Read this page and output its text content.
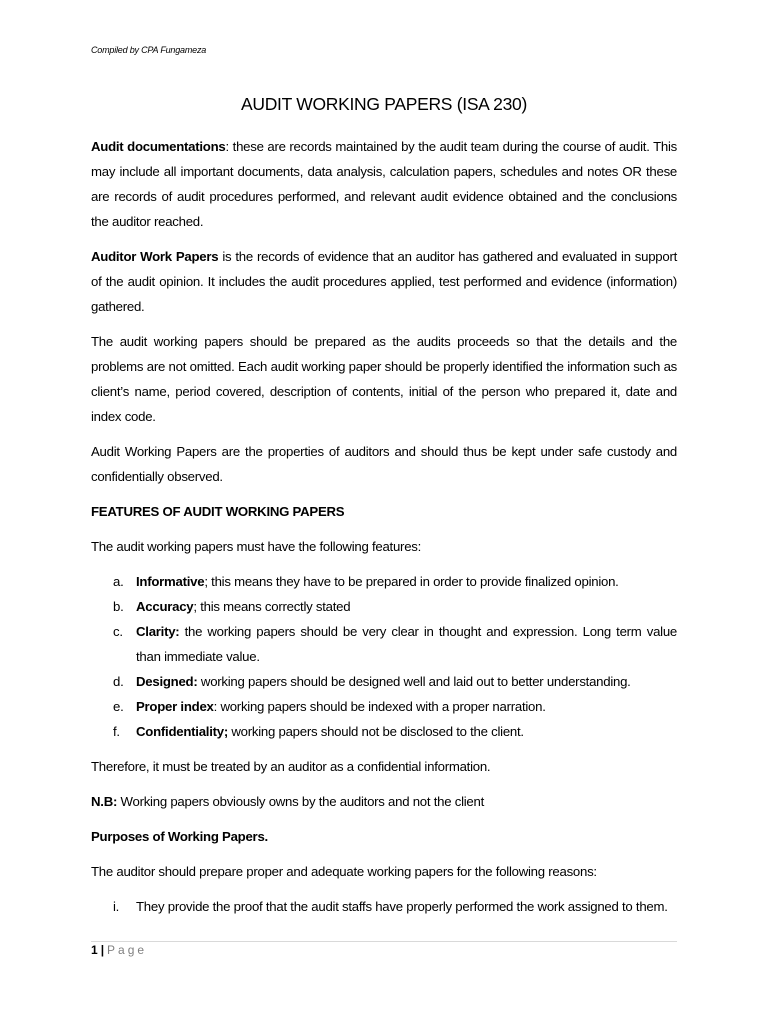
Compiled by CPA Fungameza
AUDIT WORKING PAPERS (ISA 230)

Audit documentations: these are records maintained by the audit team during the course of audit. This may include all important documents, data analysis, calculation papers, schedules and notes OR these are records of audit procedures performed, and relevant audit evidence obtained and the conclusions the auditor reached.

Auditor Work Papers is the records of evidence that an auditor has gathered and evaluated in support of the audit opinion. It includes the audit procedures applied, test performed and evidence (information) gathered.

The audit working papers should be prepared as the audits proceeds so that the details and the problems are not omitted. Each audit working paper should be properly identified the information such as client’s name, period covered, description of contents, initial of the person who prepared it, date and index code.

Audit Working Papers are the properties of auditors and should thus be kept under safe custody and confidentially observed.

FEATURES OF AUDIT WORKING PAPERS

The audit working papers must have the following features:

a. Informative; this means they have to be prepared in order to provide finalized opinion.
b. Accuracy; this means correctly stated
c. Clarity: the working papers should be very clear in thought and expression. Long term value than immediate value.
d. Designed: working papers should be designed well and laid out to better understanding.
e. Proper index: working papers should be indexed with a proper narration.
f. Confidentiality; working papers should not be disclosed to the client.

Therefore, it must be treated by an auditor as a confidential information.

N.B: Working papers obviously owns by the auditors and not the client

Purposes of Working Papers.

The auditor should prepare proper and adequate working papers for the following reasons:

i. They provide the proof that the audit staffs have properly performed the work assigned to them.
1 | Page
